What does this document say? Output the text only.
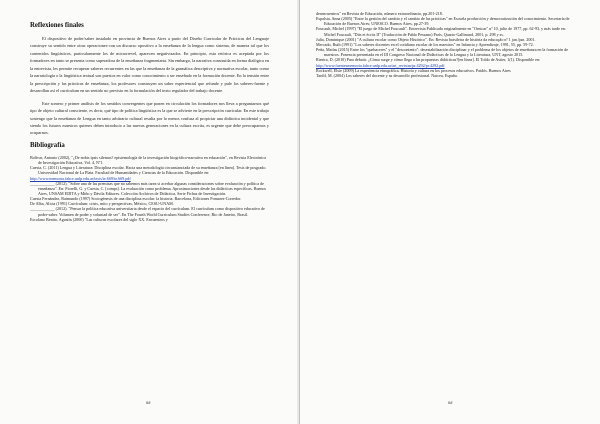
Reflexiones finales

El dispositivo de poder/saber instalado en provincia de Buenos Aires a partir del Diseño Curricular de Prácticas del Lenguaje construye su sentido entre otras operaciones-con un discurso opositivo a la enseñanza de la lengua como sistema, de manera tal que los contenidos lingüísticos, particularmente los de microrrevel, aparecen negativizados. En principio, esta retórica es aceptada por los formadores en tanto se presenta como superadora de la enseñanza fragmentaria. Sin embargo, la narrativa construida en forma dialógica en la entrevista, les permite recuperar saberes recurrentes en las que la enseñanza de la gramática descriptiva y normativa escolar, tanto como la narratología o la lingüística textual son puestos en valor como conocimiento a ser enseñado en la formación docente. En la tensión entre la prescripción y las prácticas de enseñanza, los profesores construyen un saber experiencial que refunde y pule los saberes-fuente y desarrollan así el currículum en un sentido no previsto en la formulación del texto regulador del trabajo docente.

Este somero y primer análisis de los sentidos convergentes que ponen en circulación los formadores nos lleva a preguntarnos qué tipo de objeto cultural consciente, es decir, qué tipo de política lingüística es la que se advierte en la prescripción curricular. En este trabajo sostengo que la enseñanza de Lengua en tanto arbitrario cultural resulta por lo menos confusa al propiciar una didáctica incidental y que siendo los futuros maestros quienes deben introducir a las nuevas generaciones en la cultura escrita, es urgente que debe preocuparnos y ocuparnos.

Bibliografía

Bolívar, Antonio (2002), "¿De nobis ipsis silemus? epistemología de la investigación biográfico-narrativa en educación", en Revista Electrónica de Investigación Educativa, Vol. 4, Nº1.

Cuesta, C. (2011) Lengua y Literatura: Disciplina escolar. Hacia una metodología circunstanciada de su enseñanza [en línea]. Tesis de posgrado. Universidad Nacional de La Plata. Facultad de Humanidades y Ciencias de la Educación. Disponible en:

http://www.memoria.fahce.unlp.edu.ar/tesis/te.669/te.669.pdf

____________ (2012), "Sobre una de las premisas que no sabemos más tarea si acerbar algunas consideraciones sobre evaluación y política de enseñanza". En: Fiorelli, G. y Cuesta, C. [comps]. La evaluación como problema. Aproximaciones desde las didácticas específicas. Buenos Aires, UNSAM EDITA y Miño y Dávila Editores. Colección Archivos de Didáctica, Serie Fichas de Investigación.

Cuesta Fernández, Raimundo (1997) Sociogénesis de una disciplina escolar: la historia. Barcelona, Ediciones Pomares-Corredor.

De Alba, Alicia (1991) Currículum: crisis, mito y perspectivas, México, CESU-UNAM.

____________ (2012). "Pensar la política educativa universitaria desde el espacio del currículum. El currículum como dispositivo educativo de poder-saber. Volumen de poder y voluntad de ser". En The Fourth World Curriculum Studies Conference, Rio de Janeiro, Brasil.

Escolano Benito, Agustín (2000) "Las culturas escolares del siglo XX. Encuentros y

##

desencuentros" en Revista de Educación, número extraordinario, pp.201-218.

Espalsta, Anna (2005) "Entre la gestión del cambio y el cambio de las prácticas" en Escuela producción y democratización del conocimiento. Secretaría de Educación de Buenos Aires; UNESCO. Buenos Aires, pp.27-39.

Foucault, Michel (1997) "El juego de Michel Foucault". Entrevista Publicada originalmente en "Ornicar" nº 10, julio de 1977, pp. 62-93, y más tarde en: Michel Foucault, "Dits et écrits II" (Traducción de Pablo Pessano) París, Quarto-Gallimard, 2001, p. 298 y ss.

Julia, Dominique (2001) "A cultura escolar como Objeto Histórico". En: Revista brasileira de história da educação nº 1 jan./jun. 2001.

Mercado, Ruth (1991) "Los saberes docentes en el cotidiano escolar de los maestros" en Infancia y Aprendizaje, 1991, 55, pp. 59-72.

Peña, Matías (2015) Entre los "quehaceres" y el "descontento": desestabilización disciplinar y el problema de los objetos de enseñanza en la formación de maestros. Ponencia presentada en el III Congreso Nacional de Didácticas de la Lengua y la Literatura, UNT, agosto 2015.

Riestra, D. (2010) Para debatir. ¿Cómo surge y cómo llega a las propuestas didácticas?[en línea]. El Toldo de Astier, 1(1). Disponible en:

http://www.fuentesmemoria.fahce.unlp.edu.ar/art_revistas/pr.4292/pr.4292.pdf

Rockwell, Elsie (2009) La experiencia etnográfica. Historia y cultura en los procesos educativos. Paidós. Buenos Aires

Tardif, M. (2004) Los saberes del docente y su desarrollo profesional. Narcea, España.

##
